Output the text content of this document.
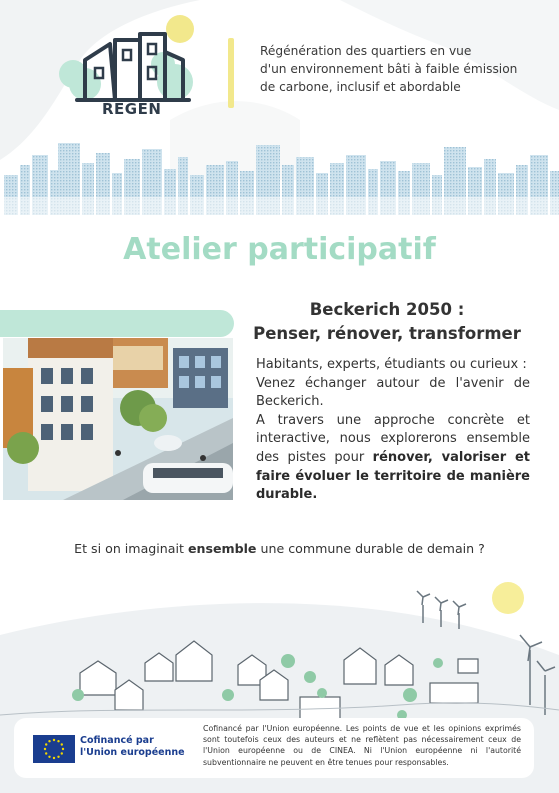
REGEN
Régénération des quartiers en vue
d'un environnement bâti à faible émission
de carbone, inclusif et abordable
Atelier participatif
Beckerich 2050 :
Penser, rénover, transformer

Habitants, experts, étudiants ou curieux :

Venez échanger autour de l'avenir de Beckerich.

A travers une approche concrète et interactive, nous explorerons ensemble des pistes pour rénover, valoriser et faire évoluer le territoire de manière durable.

Et si on imaginait ensemble une commune durable de demain ?
Cofinancé par
l'Union européenne
Cofinancé par l'Union européenne. Les points de vue et les opinions exprimés sont toutefois ceux des auteurs et ne reflètent pas nécessairement ceux de l'Union européenne ou de CINEA. Ni l'Union européenne ni l'autorité subventionnaire ne peuvent en être tenues pour responsables.
